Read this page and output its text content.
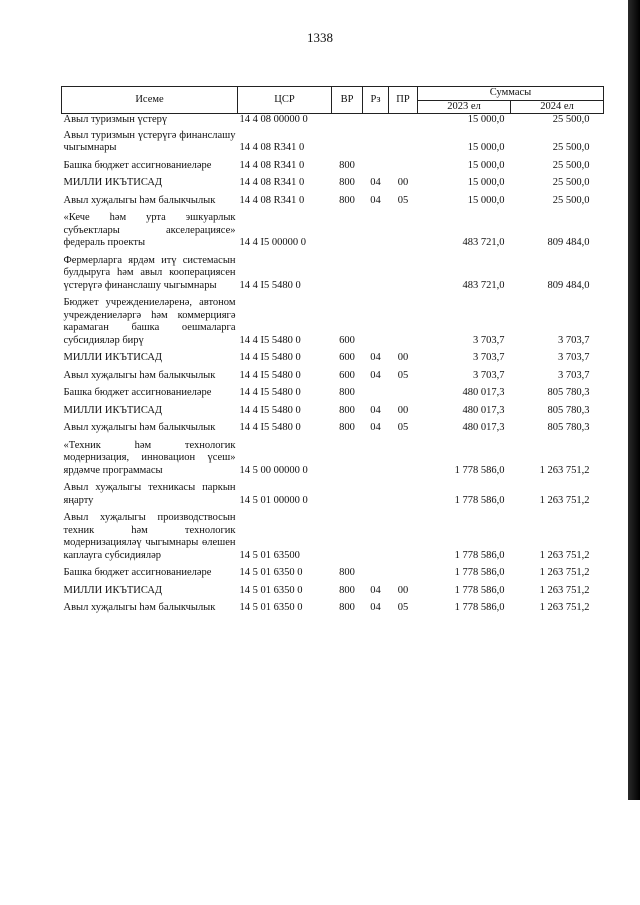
1338
Исеме	ЦСР	ВР	Рз	ПР	Суммасы	
					2023 ел	2024 ел
Авыл туризмын үстерү	14 4 08 00000 0				15 000,0	25 500,0
Авыл туризмын үстерүгә финанслашу чыгымнары	14 4 08 R341 0				15 000,0	25 500,0
Башка бюджет ассигнованиеләре	14 4 08 R341 0	800			15 000,0	25 500,0
МИЛЛИ ИКЪТИСАД	14 4 08 R341 0	800	04	00	15 000,0	25 500,0
Авыл хуҗалыгы һәм балыкчылык	14 4 08 R341 0	800	04	05	15 000,0	25 500,0
«Кече һәм урта эшкуарлык субъектлары акселерациясе» федераль проекты	14 4 I5 00000 0				483 721,0	809 484,0
Фермерларга ярдәм итү системасын булдыруга һәм авыл кооперациясен үстерүгә финанслашу чыгымнары	14 4 I5 5480 0				483 721,0	809 484,0
Бюджет учреждениеләренә, автоном учреждениеләргә һәм коммерциягә карамаган башка оешмаларга субсидияләр бирү	14 4 I5 5480 0	600			3 703,7	3 703,7
МИЛЛИ ИКЪТИСАД	14 4 I5 5480 0	600	04	00	3 703,7	3 703,7
Авыл хуҗалыгы һәм балыкчылык	14 4 I5 5480 0	600	04	05	3 703,7	3 703,7
Башка бюджет ассигнованиеләре	14 4 I5 5480 0	800			480 017,3	805 780,3
МИЛЛИ ИКЪТИСАД	14 4 I5 5480 0	800	04	00	480 017,3	805 780,3
Авыл хуҗалыгы һәм балыкчылык	14 4 I5 5480 0	800	04	05	480 017,3	805 780,3
«Техник һәм технологик модернизация, инновацион үсеш» ярдәмче программасы	14 5 00 00000 0				1 778 586,0	1 263 751,2
Авыл хуҗалыгы техникасы паркын яңарту	14 5 01 00000 0				1 778 586,0	1 263 751,2
Авыл хуҗалыгы производствосын техник һәм технологик модернизацияләү чыгымнары өлешен каплауга субсидияләр	14 5 01 63500				1 778 586,0	1 263 751,2
Башка бюджет ассигнованиеләре	14 5 01 6350 0	800			1 778 586,0	1 263 751,2
МИЛЛИ ИКЪТИСАД	14 5 01 6350 0	800	04	00	1 778 586,0	1 263 751,2
Авыл хуҗалыгы һәм балыкчылык	14 5 01 6350 0	800	04	05	1 778 586,0	1 263 751,2
